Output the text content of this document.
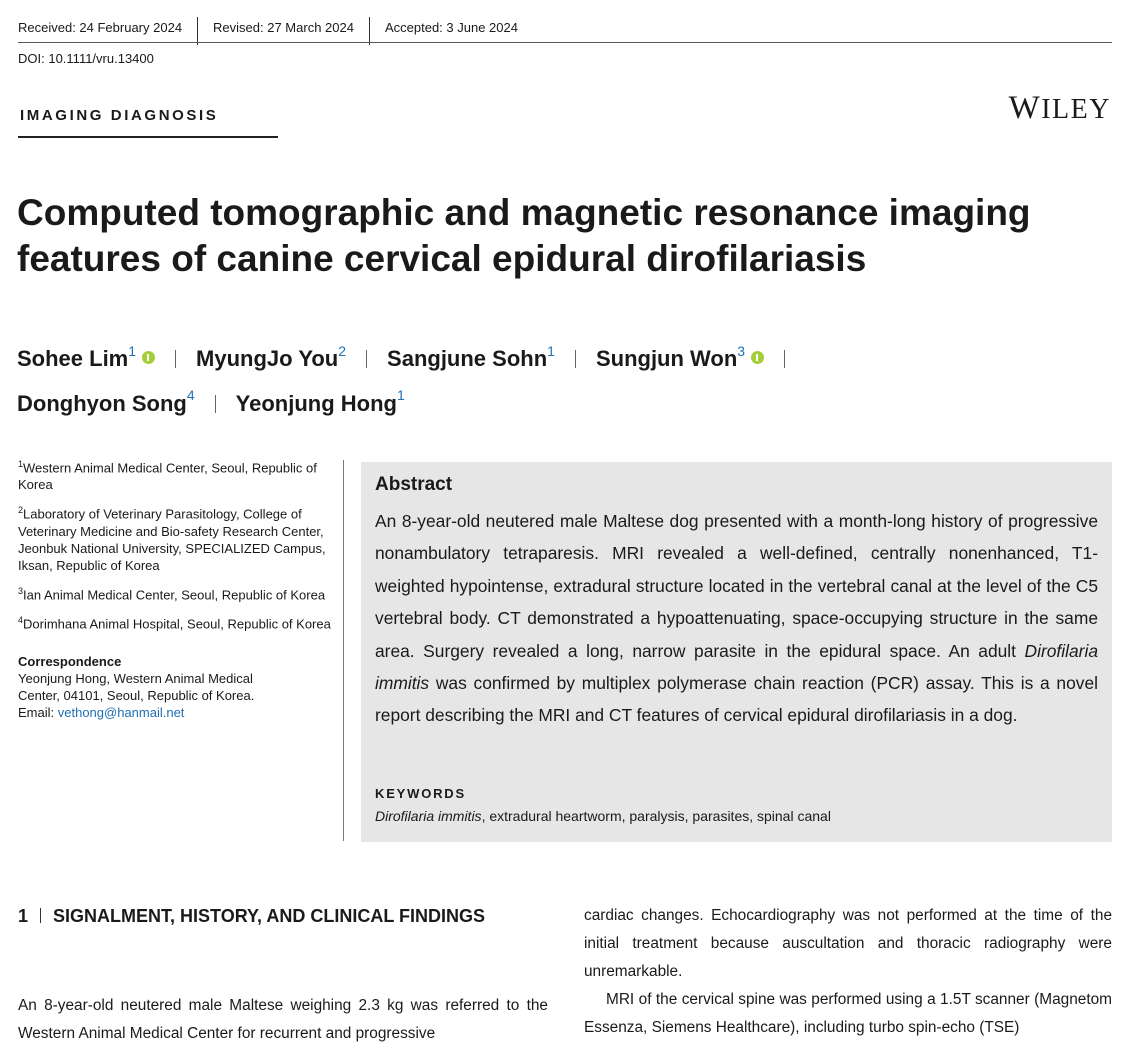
Received: 24 February 2024 Revised: 27 March 2024 Accepted: 3 June 2024
DOI: 10.1111/vru.13400
IMAGING DIAGNOSIS	WILEY
Computed tomographic and magnetic resonance imaging features of canine cervical epidural dirofilariasis
Sohee Lim$^1$	MyungJo You$^2$ Sangjune Sohn$^1$ Sungjun Won$^3$
Donghyon Song$^4$ Yeonjung Hong$^1$
$^1$Western Animal Medical Center, Seoul, Republic of Korea
$^2$Laboratory of Veterinary Parasitology, College of Veterinary Medicine and Bio-safety Research Center, Jeonbuk National University, SPECIALIZED Campus, Iksan, Republic of Korea
$^3$Ian Animal Medical Center, Seoul, Republic of Korea
$^4$Dorimhana Animal Hospital, Seoul, Republic of Korea
Correspondence
Yeonjung Hong, Western Animal Medical
Center, 04101, Seoul, Republic of Korea.
Email: vethong@hanmail.net
Abstract

An 8-year-old neutered male Maltese dog presented with a month-long history of progressive nonambulatory tetraparesis. MRI revealed a well-defined, centrally nonenhanced, T1-weighted hypointense, extradural structure located in the vertebral canal at the level of the C5 vertebral body. CT demonstrated a hypoattenuating, space-occupying structure in the same area. Surgery revealed a long, narrow parasite in the epidural space. An adult Dirofilaria immitis was confirmed by multiplex polymerase chain reaction (PCR) assay. This is a novel report describing the MRI and CT features of cervical epidural dirofilariasis in a dog.

KEYWORDS
Dirofilaria immitis, extradural heartworm, paralysis, parasites, spinal canal
1 SIGNALMENT, HISTORY, AND CLINICAL FINDINGS

An 8-year-old neutered male Maltese weighing 2.3 kg was referred to the Western Animal Medical Center for recurrent and progressive

cardiac changes. Echocardiography was not performed at the time of the initial treatment because auscultation and thoracic radiography were unremarkable.

MRI of the cervical spine was performed using a 1.5T scanner (Magnetom Essenza, Siemens Healthcare), including turbo spin-echo (TSE)
